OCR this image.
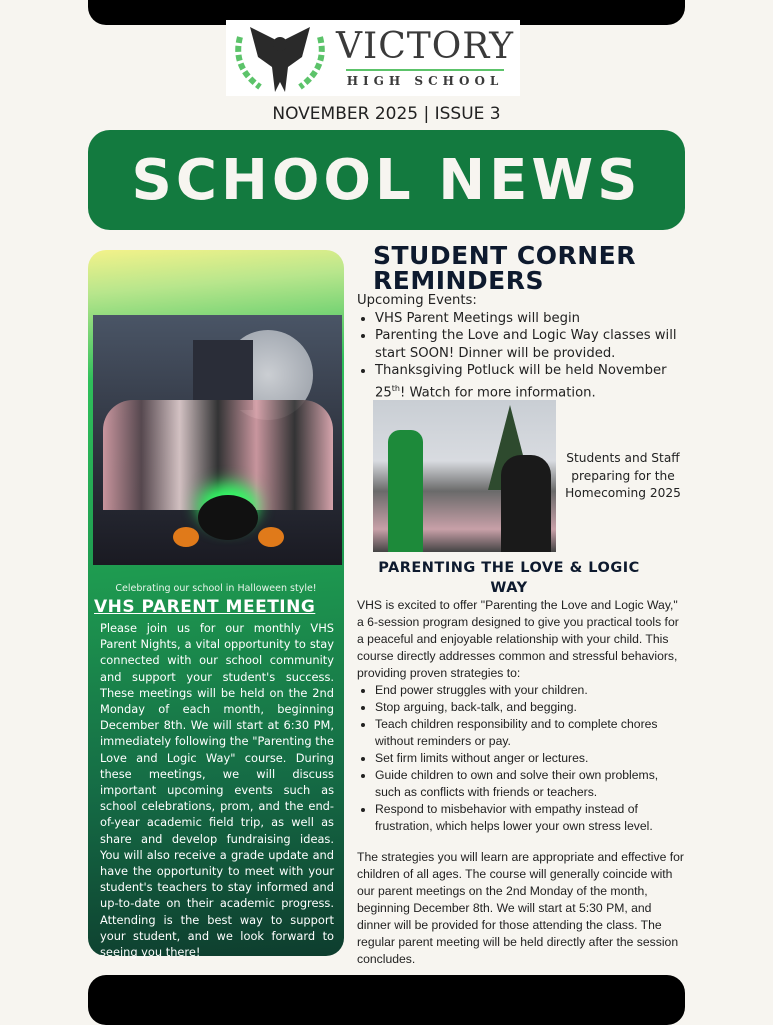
VICTORY
HIGH SCHOOL
NOVEMBER 2025 | ISSUE 3
SCHOOL NEWS
Celebrating our school in Halloween style!
VHS PARENT MEETING
Please join us for our monthly VHS Parent Nights, a vital opportunity to stay connected with our school community and support your student's success. These meetings will be held on the 2nd Monday of each month, beginning December 8th. We will start at 6:30 PM, immediately following the "Parenting the Love and Logic Way" course. During these meetings, we will discuss important upcoming events such as school celebrations, prom, and the end-of-year academic field trip, as well as share and develop fundraising ideas. You will also receive a grade update and have the opportunity to meet with your student's teachers to stay informed and up-to-date on their academic progress. Attending is the best way to support your student, and we look forward to seeing you there!
STUDENT CORNER REMINDERS
Upcoming Events:
• VHS Parent Meetings will begin
• Parenting the Love and Logic Way classes will start SOON! Dinner will be provided.
• Thanksgiving Potluck will be held November 25th! Watch for more information.
Students and Staff preparing for the Homecoming 2025
PARENTING THE LOVE & LOGIC WAY

VHS is excited to offer "Parenting the Love and Logic Way," a 6-session program designed to give you practical tools for a peaceful and enjoyable relationship with your child. This course directly addresses common and stressful behaviors, providing proven strategies to:

• End power struggles with your children.
• Stop arguing, back-talk, and begging.
• Teach children responsibility and to complete chores without reminders or pay.
• Set firm limits without anger or lectures.
• Guide children to own and solve their own problems, such as conflicts with friends or teachers.
• Respond to misbehavior with empathy instead of frustration, which helps lower your own stress level.

The strategies you will learn are appropriate and effective for children of all ages. The course will generally coincide with our parent meetings on the 2nd Monday of the month, beginning December 8th. We will start at 5:30 PM, and dinner will be provided for those attending the class. The regular parent meeting will be held directly after the session concludes.
